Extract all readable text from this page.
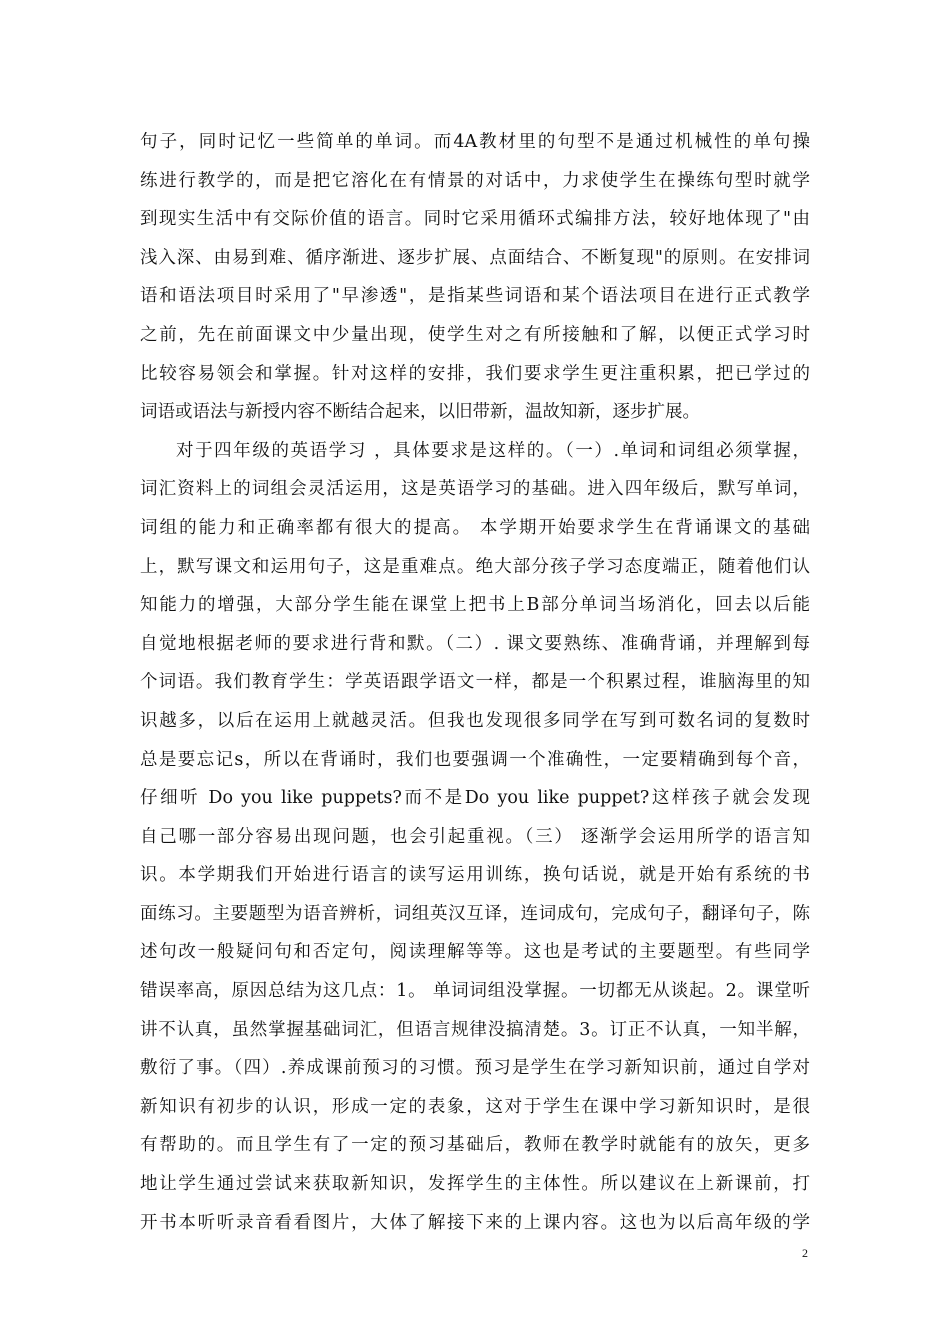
句子，同时记忆一些简单的单词。而4A教材里的句型不是通过机械性的单句操
练进行教学的，而是把它溶化在有情景的对话中，力求使学生在操练句型时就学
到现实生活中有交际价值的语言。同时它采用循环式编排方法，较好地体现了"由
浅入深、由易到难、循序渐进、逐步扩展、点面结合、不断复现"的原则。在安排词
语和语法项目时采用了"早渗透"，是指某些词语和某个语法项目在进行正式教学
之前，先在前面课文中少量出现，使学生对之有所接触和了解，以便正式学习时
比较容易领会和掌握。针对这样的安排，我们要求学生更注重积累，把已学过的
词语或语法与新授内容不断结合起来，以旧带新，温故知新，逐步扩展。
对于四年级的英语学习 ，具体要求是这样的。（一）.单词和词组必须掌握，
词汇资料上的词组会灵活运用，这是英语学习的基础。进入四年级后，默写单词，
词组的能力和正确率都有很大的提高。 本学期开始要求学生在背诵课文的基础
上，默写课文和运用句子，这是重难点。绝大部分孩子学习态度端正，随着他们认
知能力的增强，大部分学生能在课堂上把书上B部分单词当场消化，回去以后能
自觉地根据老师的要求进行背和默。（二）. 课文要熟练、准确背诵，并理解到每
个词语。我们教育学生：学英语跟学语文一样，都是一个积累过程，谁脑海里的知
识越多，以后在运用上就越灵活。但我也发现很多同学在写到可数名词的复数时
总是要忘记s，所以在背诵时，我们也要强调一个准确性，一定要精确到每个音，
仔细听 Do you like puppets?而不是Do you like puppet?这样孩子就会发现
自己哪一部分容易出现问题，也会引起重视。（三） 逐渐学会运用所学的语言知
识。本学期我们开始进行语言的读写运用训练，换句话说，就是开始有系统的书
面练习。主要题型为语音辨析，词组英汉互译，连词成句，完成句子，翻译句子，陈
述句改一般疑问句和否定句，阅读理解等等。这也是考试的主要题型。有些同学
错误率高，原因总结为这几点：1。 单词词组没掌握。一切都无从谈起。2。课堂听
讲不认真，虽然掌握基础词汇，但语言规律没搞清楚。3。订正不认真，一知半解，
敷衍了事。（四）.养成课前预习的习惯。预习是学生在学习新知识前，通过自学对
新知识有初步的认识，形成一定的表象，这对于学生在课中学习新知识时，是很
有帮助的。而且学生有了一定的预习基础后，教师在教学时就能有的放矢，更多
地让学生通过尝试来获取新知识，发挥学生的主体性。所以建议在上新课前，打
开书本听听录音看看图片，大体了解接下来的上课内容。这也为以后高年级的学
2
